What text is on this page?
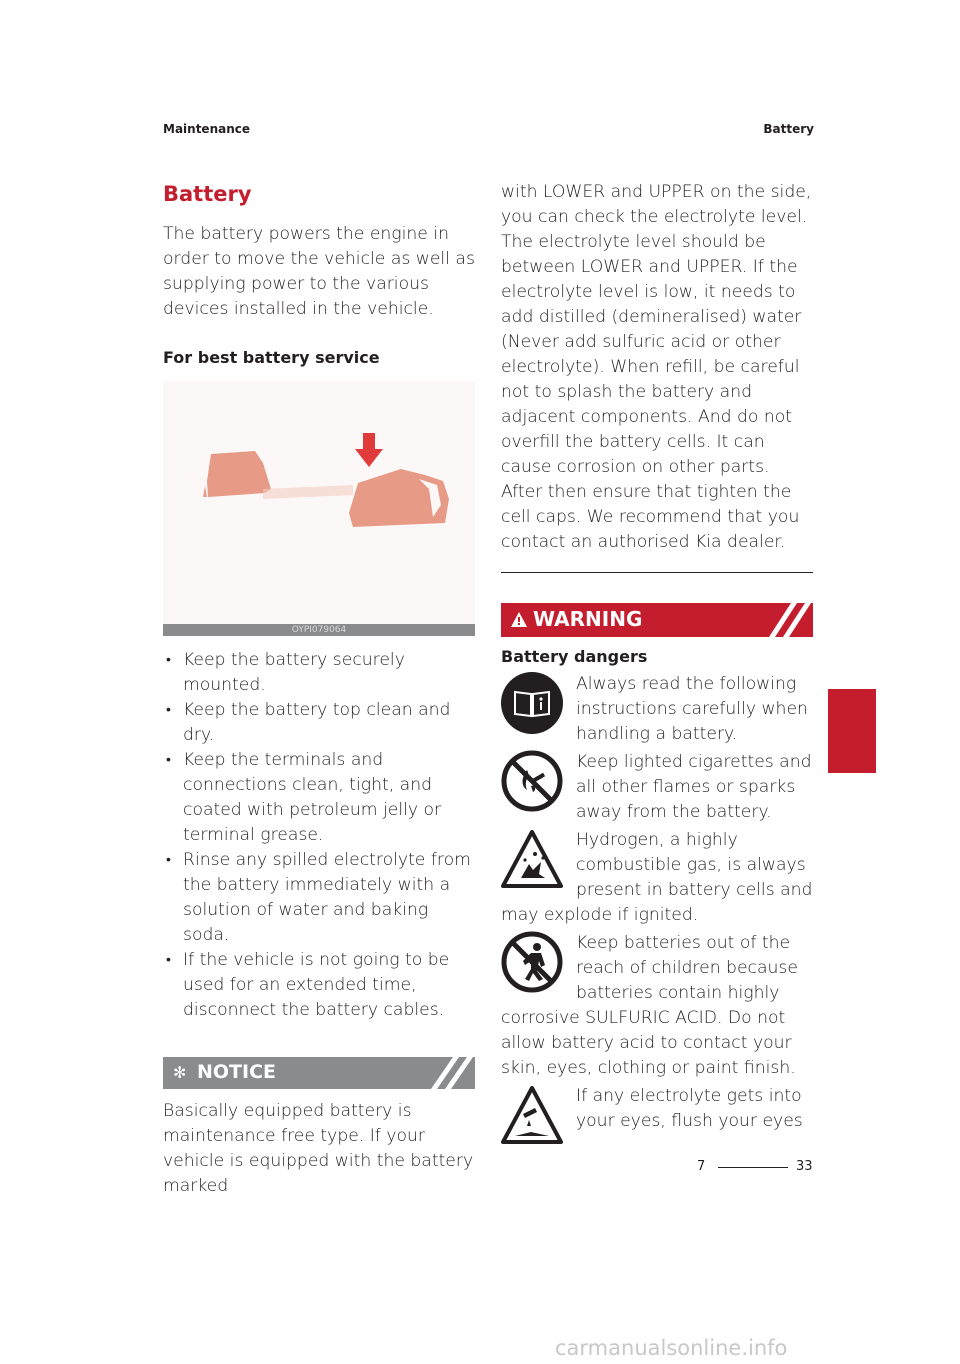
Maintenance	Battery
Battery

The battery powers the engine in order to move the vehicle as well as supplying power to the various devices installed in the vehicle.

For best battery service
OYPI079064
• Keep the battery securely mounted.
• Keep the battery top clean and dry.
• Keep the terminals and connections clean, tight, and coated with petroleum jelly or terminal grease.
• Rinse any spilled electrolyte from the battery immediately with a solution of water and baking soda.
• If the vehicle is not going to be used for an extended time, disconnect the battery cables.
✻ NOTICE

Basically equipped battery is maintenance free type. If your vehicle is equipped with the battery marked

with LOWER and UPPER on the side, you can check the electrolyte level. The electrolyte level should be between LOWER and UPPER. If the electrolyte level is low, it needs to add distilled (demineralised) water (Never add sulfuric acid or other electrolyte). When refill, be careful not to splash the battery and adjacent components. And do not overfill the battery cells. It can cause corrosion on other parts. After then ensure that tighten the cell caps. We recommend that you contact an authorised Kia dealer.

WARNING
Battery dangers
Always read the following instructions carefully when handling a battery.
Keep lighted cigarettes and all other flames or sparks away from the battery.
Hydrogen, a highly combustible gas, is always present in battery cells and
may explode if ignited.
Keep batteries out of the reach of children because batteries contain highly
corrosive SULFURIC ACID. Do not allow battery acid to contact your skin, eyes, clothing or paint finish.
If any electrolyte gets into your eyes, flush your eyes
7
7	33
carmanualsonline.info
